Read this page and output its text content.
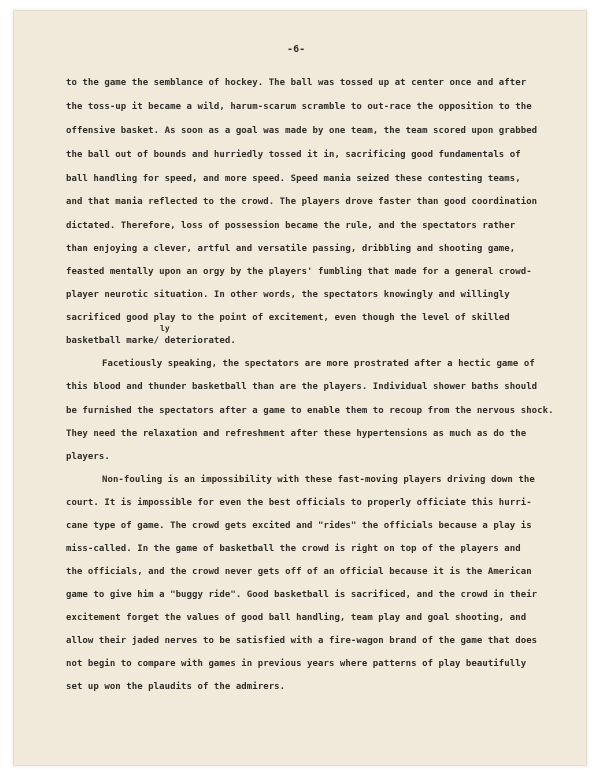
-6-
to the game the semblance of hockey. The ball was tossed up at center once and after
the toss-up it became a wild, harum-scarum scramble to out-race the opposition to the
offensive basket. As soon as a goal was made by one team, the team scored upon grabbed
the ball out of bounds and hurriedly tossed it in, sacrificing good fundamentals of
ball handling for speed, and more speed. Speed mania seized these contesting teams,
and that mania reflected to the crowd. The players drove faster than good coordination
dictated. Therefore, loss of possession became the rule, and the spectators rather
than enjoying a clever, artful and versatile passing, dribbling and shooting game,
feasted mentally upon an orgy by the players' fumbling that made for a general crowd-
player neurotic situation. In other words, the spectators knowingly and willingly
sacrificed good play to the point of excitement, even though the level of skilled
ly
basketball marke/ deteriorated.
Facetiously speaking, the spectators are more prostrated after a hectic game of
this blood and thunder basketball than are the players. Individual shower baths should
be furnished the spectators after a game to enable them to recoup from the nervous shock.
They need the relaxation and refreshment after these hypertensions as much as do the
players.
Non-fouling is an impossibility with these fast-moving players driving down the
court. It is impossible for even the best officials to properly officiate this hurri-
cane type of game. The crowd gets excited and "rides" the officials because a play is
miss-called. In the game of basketball the crowd is right on top of the players and
the officials, and the crowd never gets off of an official because it is the American
game to give him a "buggy ride". Good basketball is sacrificed, and the crowd in their
excitement forget the values of good ball handling, team play and goal shooting, and
allow their jaded nerves to be satisfied with a fire-wagon brand of the game that does
not begin to compare with games in previous years where patterns of play beautifully
set up won the plaudits of the admirers.
